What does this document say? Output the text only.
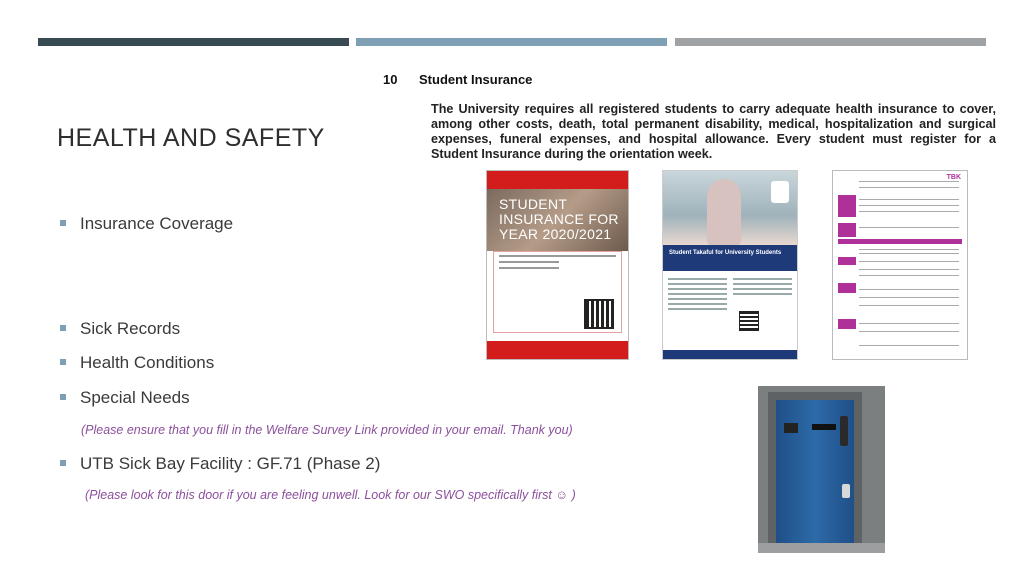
HEALTH AND SAFETY
Insurance Coverage
Sick Records
Health Conditions
Special Needs
(Please ensure that you fill in the Welfare Survey Link provided in your email. Thank you)
UTB Sick Bay Facility : GF.71 (Phase 2)
(Please look for this door if you are feeling unwell. Look for our SWO specifically first ☺ )
10 Student Insurance
The University requires all registered students to carry adequate health insurance to cover, among other costs, death, total permanent disability, medical, hospitalization and surgical expenses, funeral expenses, and hospital allowance. Every student must register for a Student Insurance during the orientation week.
STUDENT INSURANCE FOR YEAR 2020/2021
Student Takaful for University Students
TBK
